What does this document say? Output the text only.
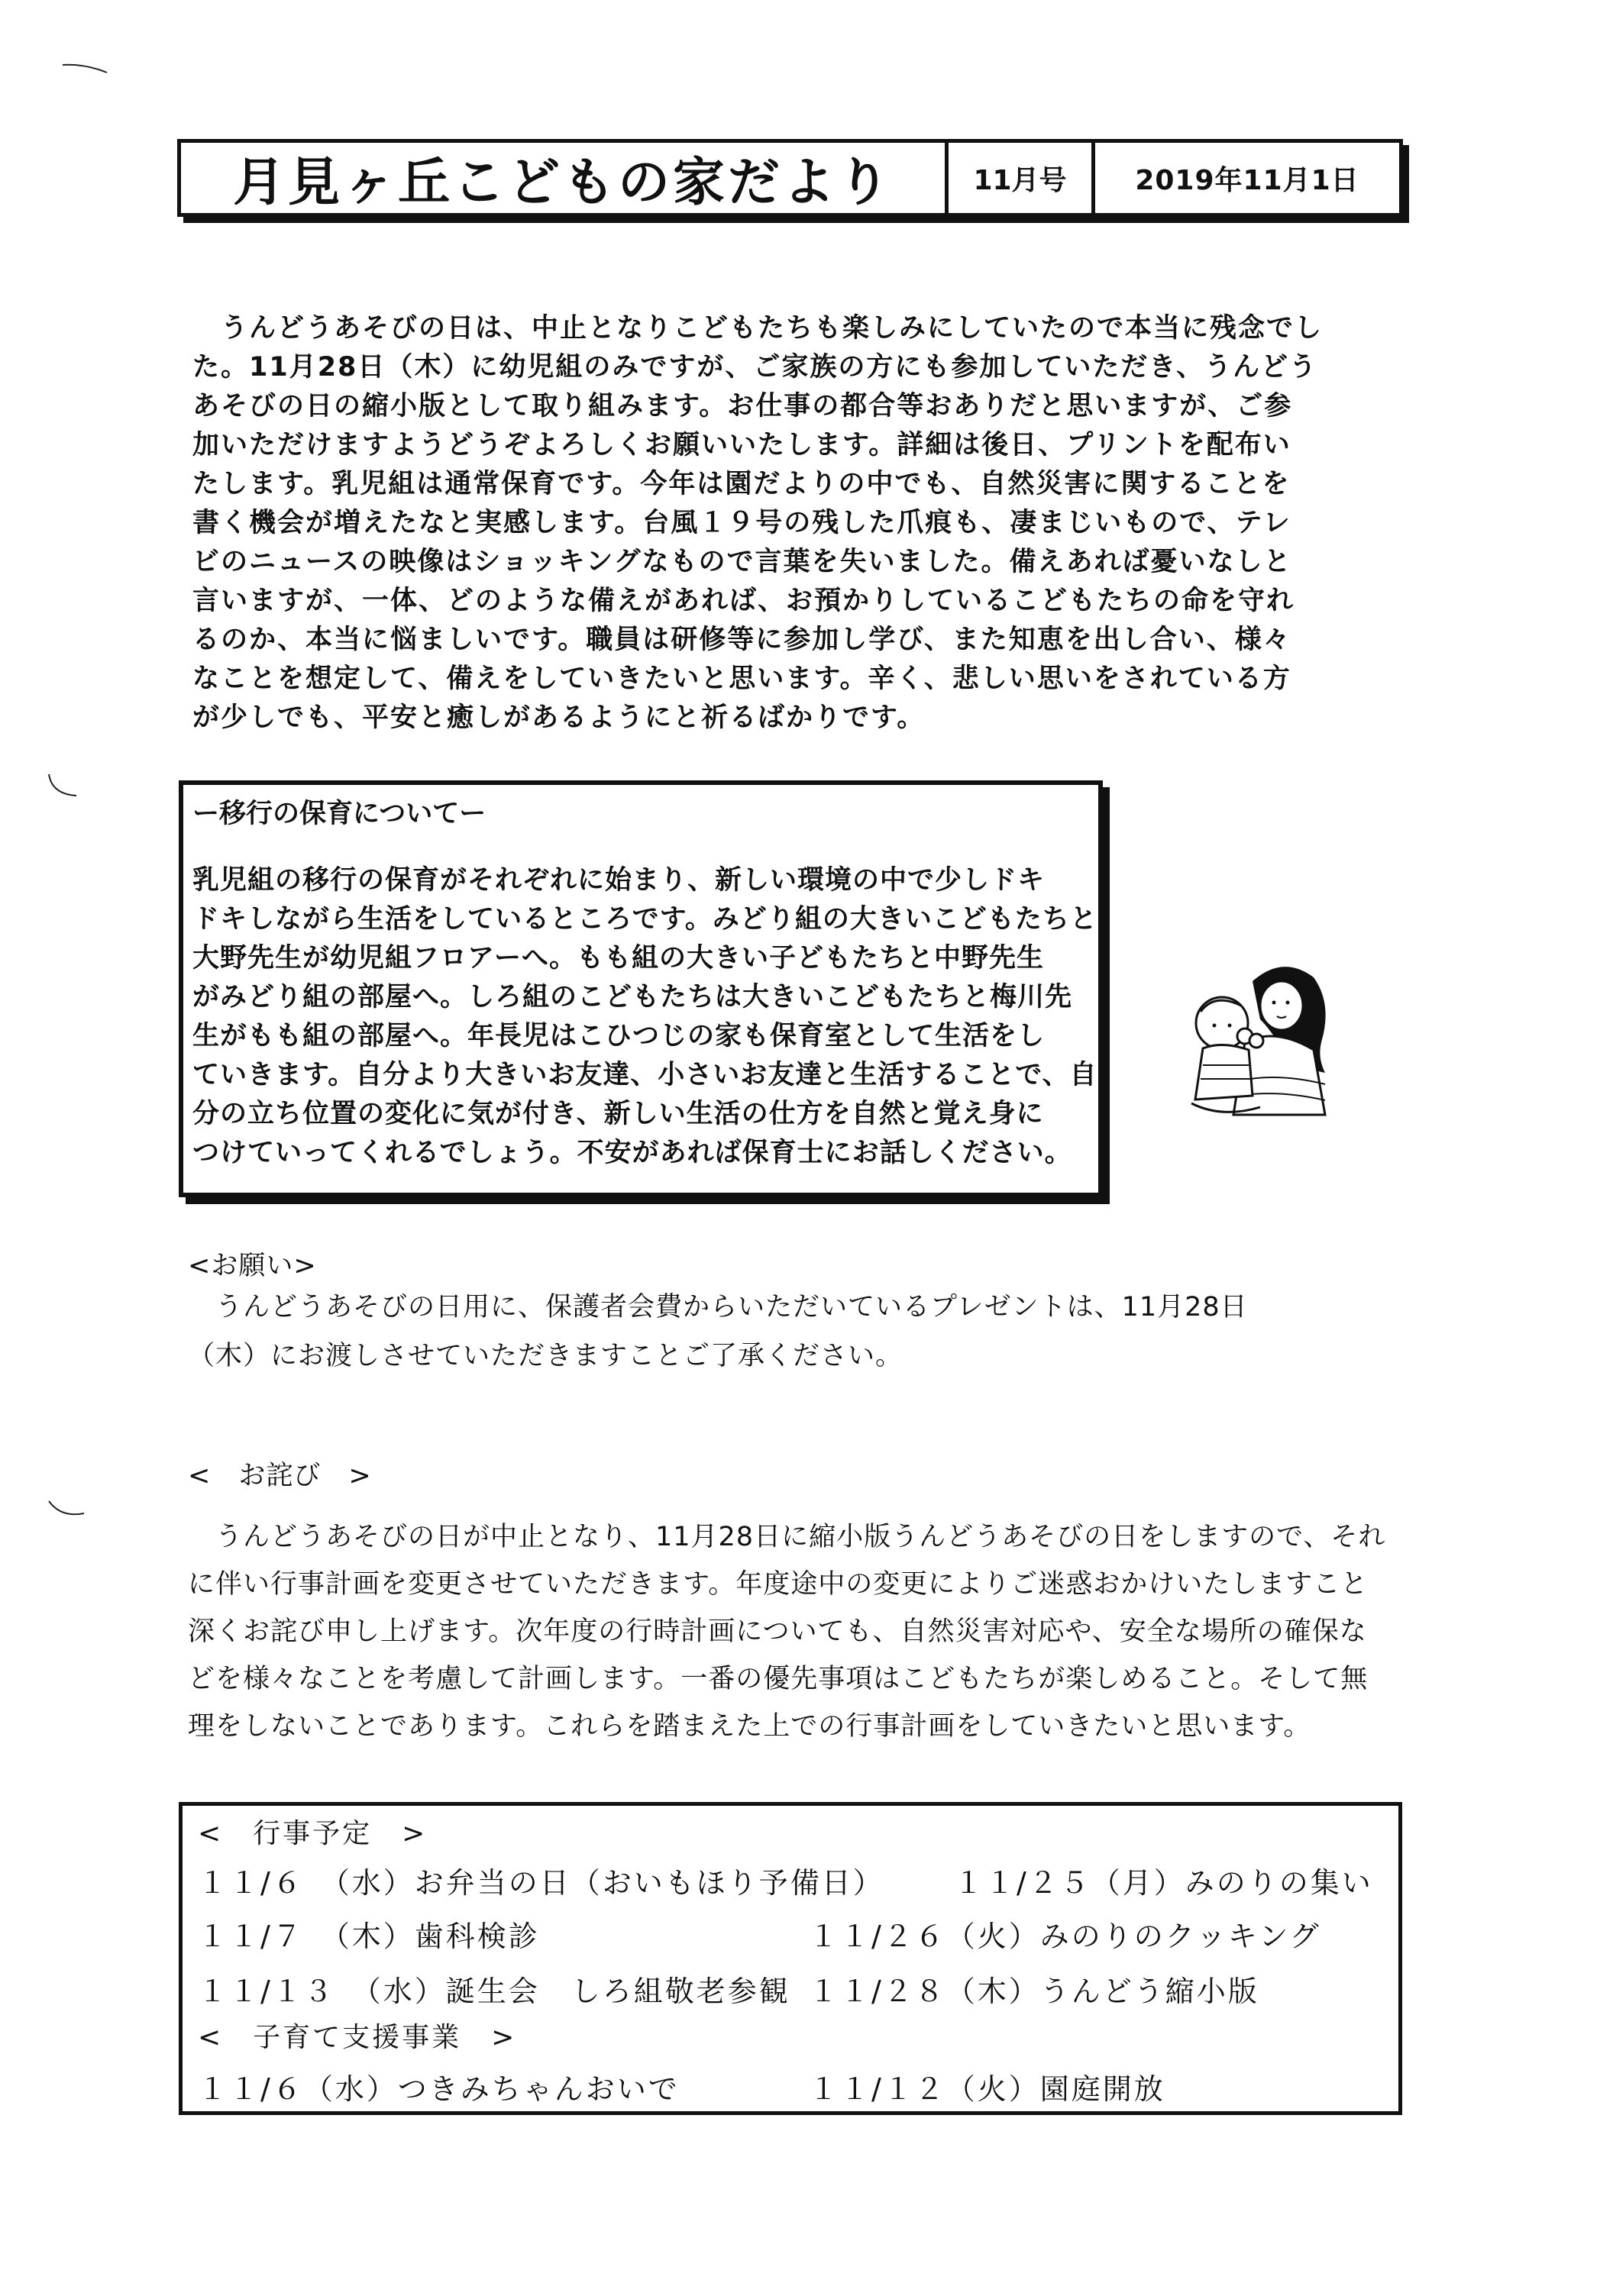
月見ヶ丘こどもの家だより	11月号	2019年11月1日
　うんどうあそびの日は、中止となりこどもたちも楽しみにしていたので本当に残念でし
た。11月28日（木）に幼児組のみですが、ご家族の方にも参加していただき、うんどう
あそびの日の縮小版として取り組みます。お仕事の都合等おありだと思いますが、ご参
加いただけますようどうぞよろしくお願いいたします。詳細は後日、プリントを配布い
たします。乳児組は通常保育です。今年は園だよりの中でも、自然災害に関することを
書く機会が増えたなと実感します。台風１９号の残した爪痕も、凄まじいもので、テレ
ビのニュースの映像はショッキングなもので言葉を失いました。備えあれば憂いなしと
言いますが、一体、どのような備えがあれば、お預かりしているこどもたちの命を守れ
るのか、本当に悩ましいです。職員は研修等に参加し学び、また知恵を出し合い、様々
なことを想定して、備えをしていきたいと思います。辛く、悲しい思いをされている方
が少しでも、平安と癒しがあるようにと祈るばかりです。
ー移行の保育についてー
乳児組の移行の保育がそれぞれに始まり、新しい環境の中で少しドキ
ドキしながら生活をしているところです。みどり組の大きいこどもたちと
大野先生が幼児組フロアーへ。もも組の大きい子どもたちと中野先生
がみどり組の部屋へ。しろ組のこどもたちは大きいこどもたちと梅川先
生がもも組の部屋へ。年長児はこひつじの家も保育室として生活をし
ていきます。自分より大きいお友達、小さいお友達と生活することで、自
分の立ち位置の変化に気が付き、新しい生活の仕方を自然と覚え身に
つけていってくれるでしょう。不安があれば保育士にお話しください。
<お願い>
　うんどうあそびの日用に、保護者会費からいただいているプレゼントは、11月28日
（木）にお渡しさせていただきますことご了承ください。
<　お詫び　>
　うんどうあそびの日が中止となり、11月28日に縮小版うんどうあそびの日をしますので、それ
に伴い行事計画を変更させていただきます。年度途中の変更によりご迷惑おかけいたしますこと
深くお詫び申し上げます。次年度の行時計画についても、自然災害対応や、安全な場所の確保な
どを様々なことを考慮して計画します。一番の優先事項はこどもたちが楽しめること。そして無
理をしないことであります。これらを踏まえた上での行事計画をしていきたいと思います。
<　行事予定　>
１１/６　（水）お弁当の日（おいもほり予備日） １１/２５（月）みのりの集い
１１/７　（木）歯科検診	１１/２６（火）みのりのクッキング
１１/１３　（水）誕生会　しろ組敬老参観 １１/２８（木）うんどう縮小版
<　子育て支援事業　>
１１/６（水）つきみちゃんおいで	１１/１２（火）園庭開放
